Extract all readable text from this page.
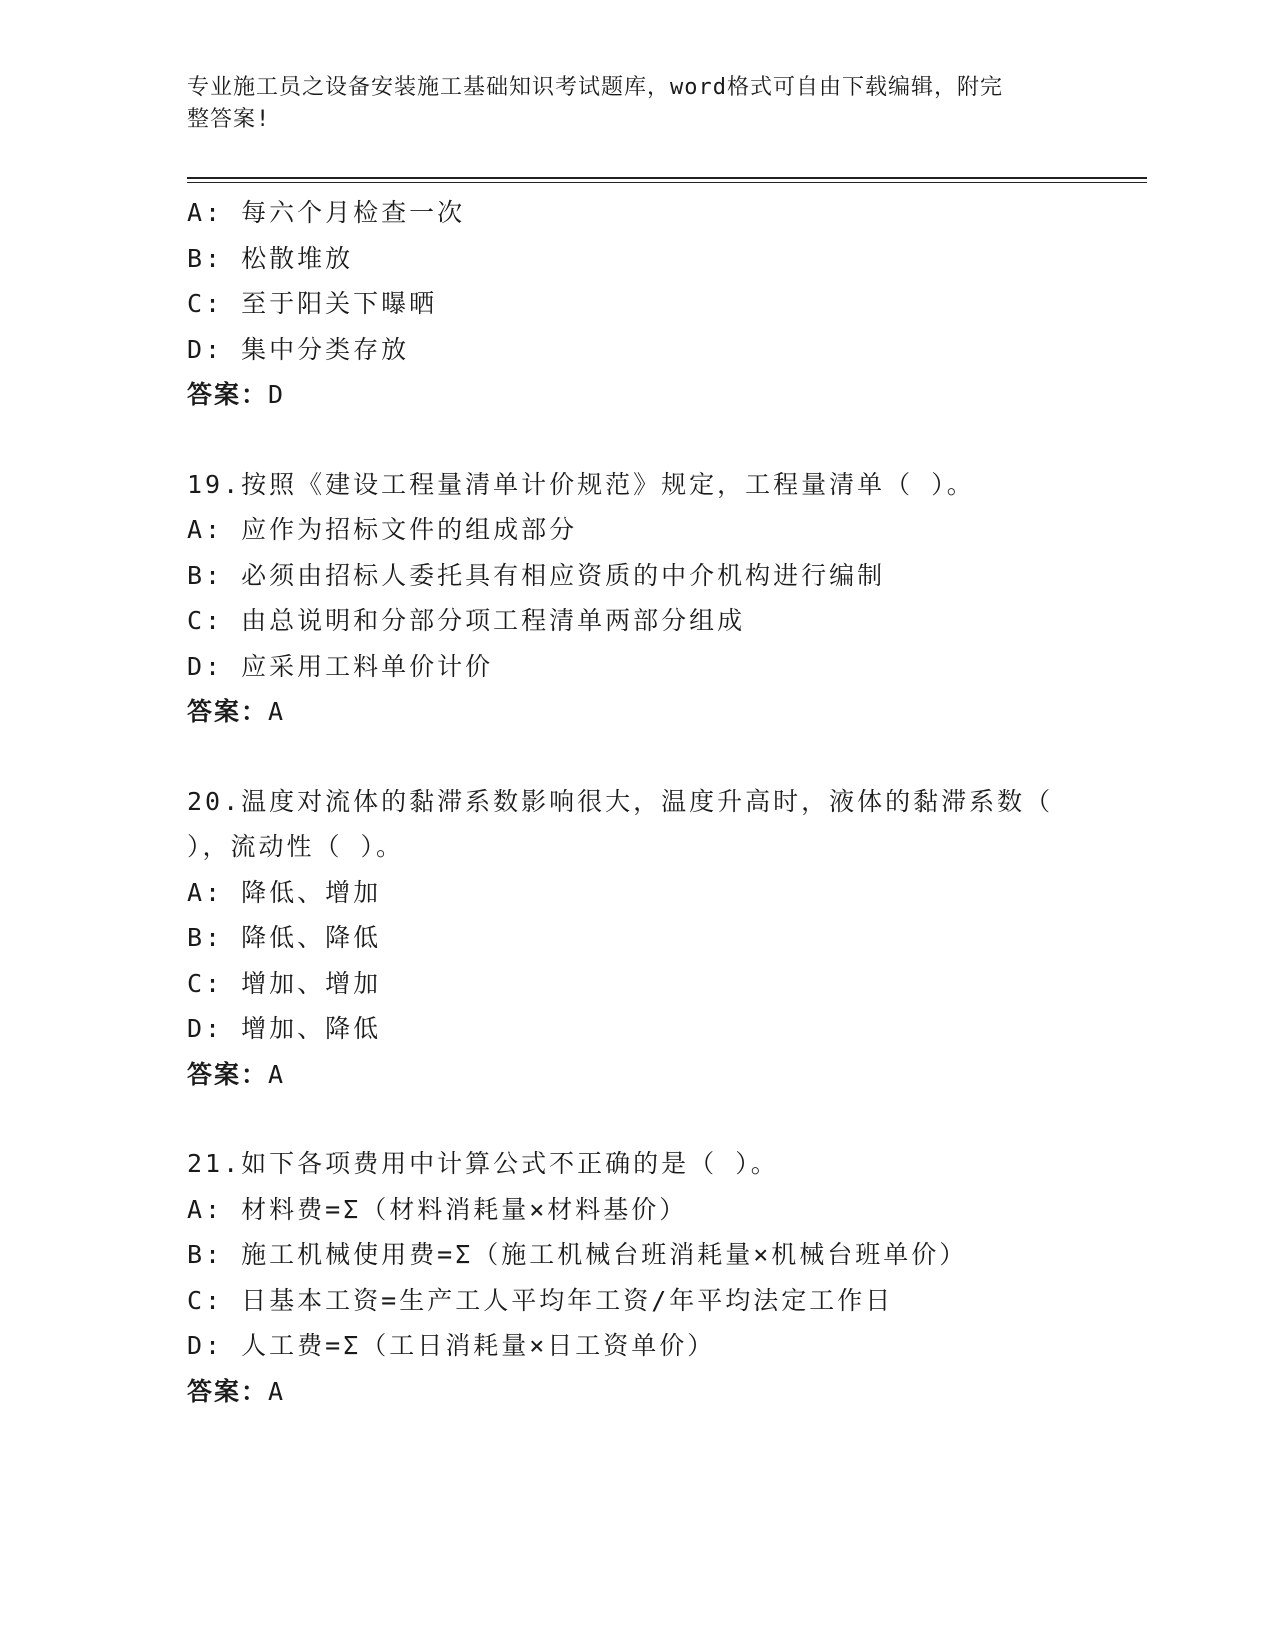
专业施工员之设备安装施工基础知识考试题库，word格式可自由下载编辑，附完
整答案!
A: 每六个月检查一次
B: 松散堆放
C: 至于阳关下曝晒
D: 集中分类存放
答案：D
19.按照《建设工程量清单计价规范》规定，工程量清单（ ）。
A: 应作为招标文件的组成部分
B: 必须由招标人委托具有相应资质的中介机构进行编制
C: 由总说明和分部分项工程清单两部分组成
D: 应采用工料单价计价
答案：A
20.温度对流体的黏滞系数影响很大，温度升高时，液体的黏滞系数（
），流动性（ ）。
A: 降低、增加
B: 降低、降低
C: 增加、增加
D: 增加、降低
答案：A
21.如下各项费用中计算公式不正确的是（ ）。
A: 材料费=Σ（材料消耗量×材料基价）
B: 施工机械使用费=Σ（施工机械台班消耗量×机械台班单价）
C: 日基本工资=生产工人平均年工资/年平均法定工作日
D: 人工费=Σ（工日消耗量×日工资单价）
答案：A
